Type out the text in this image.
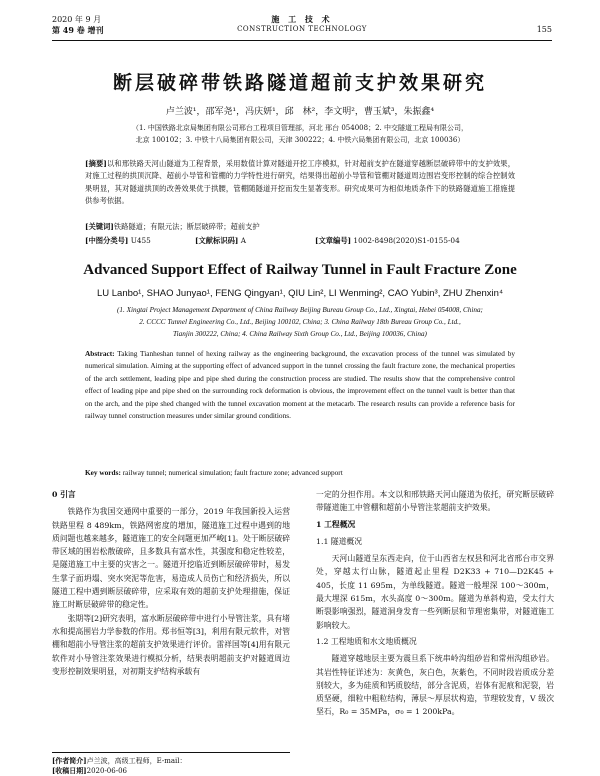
2020 年 9 月
第 49 卷 增刊
施 工 技 术
CONSTRUCTION TECHNOLOGY	155
断层破碎带铁路隧道超前支护效果研究
卢兰波¹，邵军尧¹，冯庆妍¹，邱　林²，李文明²，曹玉斌³，朱振鑫⁴
（1. 中国铁路北京局集团有限公司邢台工程项目管理部，河北 邢台 054008；2. 中交隧道工程局有限公司，
北京 100102；3. 中铁十八局集团有限公司，天津 300222；4. 中铁六局集团有限公司，北京 100036）
[摘要]以和邢铁路天河山隧道为工程背景，采用数值计算对隧道开挖工序模拟，针对超前支护在隧道穿越断层破碎带中的支护效果，对施工过程的拱顶沉降、超前小导管和管棚的力学特性进行研究，结果得出超前小导管和管棚对隧道周边围岩变形控制的综合控制效果明显，其对隧道拱顶的改善效果优于拱腰，管棚随隧道开挖而发生显著变形。研究成果可为相似地质条件下的铁路隧道施工措施提供参考依据。
[关键词]铁路隧道；有限元法；断层破碎带；超前支护
[中图分类号] U455	[文献标识码] A	[文章编号] 1002-8498(2020)S1-0155-04
Advanced Support Effect of Railway Tunnel in Fault Fracture Zone
LU Lanbo¹, SHAO Junyao¹, FENG Qingyan¹, QIU Lin², LI Wenming², CAO Yubin³, ZHU Zhenxin⁴
(1. Xingtai Project Management Department of China Railway Beijing Bureau Group Co., Ltd., Xingtai, Hebei 054008, China;
2. CCCC Tunnel Engineering Co., Ltd., Beijing 100102, China; 3. China Railway 18th Bureau Group Co., Ltd.,
Tianjin 300222, China; 4. China Railway Sixth Group Co., Ltd., Beijing 100036, China)
Abstract: Taking Tianheshan tunnel of hexing railway as the engineering background, the excavation process of the tunnel was simulated by numerical simulation. Aiming at the supporting effect of advanced support in the tunnel crossing the fault fracture zone, the mechanical properties of the arch settlement, leading pipe and pipe shed during the construction process are studied. The results show that the comprehensive control effect of leading pipe and pipe shed on the surrounding rock deformation is obvious, the improvement effect on the tunnel vault is better than that on the arch, and the pipe shed changed with the tunnel excavation moment at the metacarb. The research results can provide a reference basis for railway tunnel construction measures under similar ground conditions.
Key words: railway tunnel; numerical simulation; fault fracture zone; advanced support
0 引言

铁路作为我国交通网中重要的一部分，2019 年我国新投入运营铁路里程 8 489km，铁路网密度的增加，隧道施工过程中遇到的地质问题也越来越多，隧道施工的安全问题更加严峻[1]。处于断层破碎带区域的围岩松散破碎，且多数具有富水性，其强度和稳定性较差，是隧道施工中主要的灾害之一。隧道开挖临近到断层破碎带时，易发生掌子面坍塌、突水突泥等危害，易造成人员伤亡和经济损失，所以隧道工程中遇到断层破碎带，应采取有效的超前支护处理措施，保证施工时断层破碎带的稳定性。

张期等[2]研究表明，富水断层破碎带中进行小导管注浆，具有堵水和提高围岩力学参数的作用。郑书恒等[3]，利用有限元软件，对管棚和超前小导管注浆的超前支护效果进行评价。雷祥国等[4]用有限元软件对小导管注浆效果进行模拟分析，结果表明超前支护对隧道周边变形控制效果明显，对初期支护结构承载有

一定的分担作用。本文以和邢铁路天河山隧道为依托，研究断层破碎带隧道施工中管棚和超前小导管注浆超前支护效果。

1 工程概况
1.1 隧道概况

天河山隧道呈东西走向，位于山西省左权县和河北省邢台市交界处，穿越太行山脉，隧道起止里程 D2K33 + 710—D2K45 + 405，长度 11 695m，为单线隧道。隧道一般埋深 100～300m，最大埋深 615m，水头高度 0～300m。隧道为单斜构造，受太行大断裂影响强烈，隧道洞身发育一些列断层和节理密集带，对隧道施工影响较大。

1.2 工程地质和水文地质概况

隧道穿越地层主要为震旦系下统串岭沟组砂岩和常州沟组砂岩。其岩性特征详述为：灰黄色，灰白色，灰紫色，不同时段岩质成分差别较大，多为硅质和钙质胶结，部分含泥质，岩体有泥痕和泥裂，岩质坚硬，细粒中粗粒结构，薄层～厚层状构造，节理较发育，V 级次坚石，R₀ = 35MPa，σ₀ = 1 200kPa。

[作者简介]卢兰波，高级工程师，E-mail：
[收稿日期]2020-06-06
